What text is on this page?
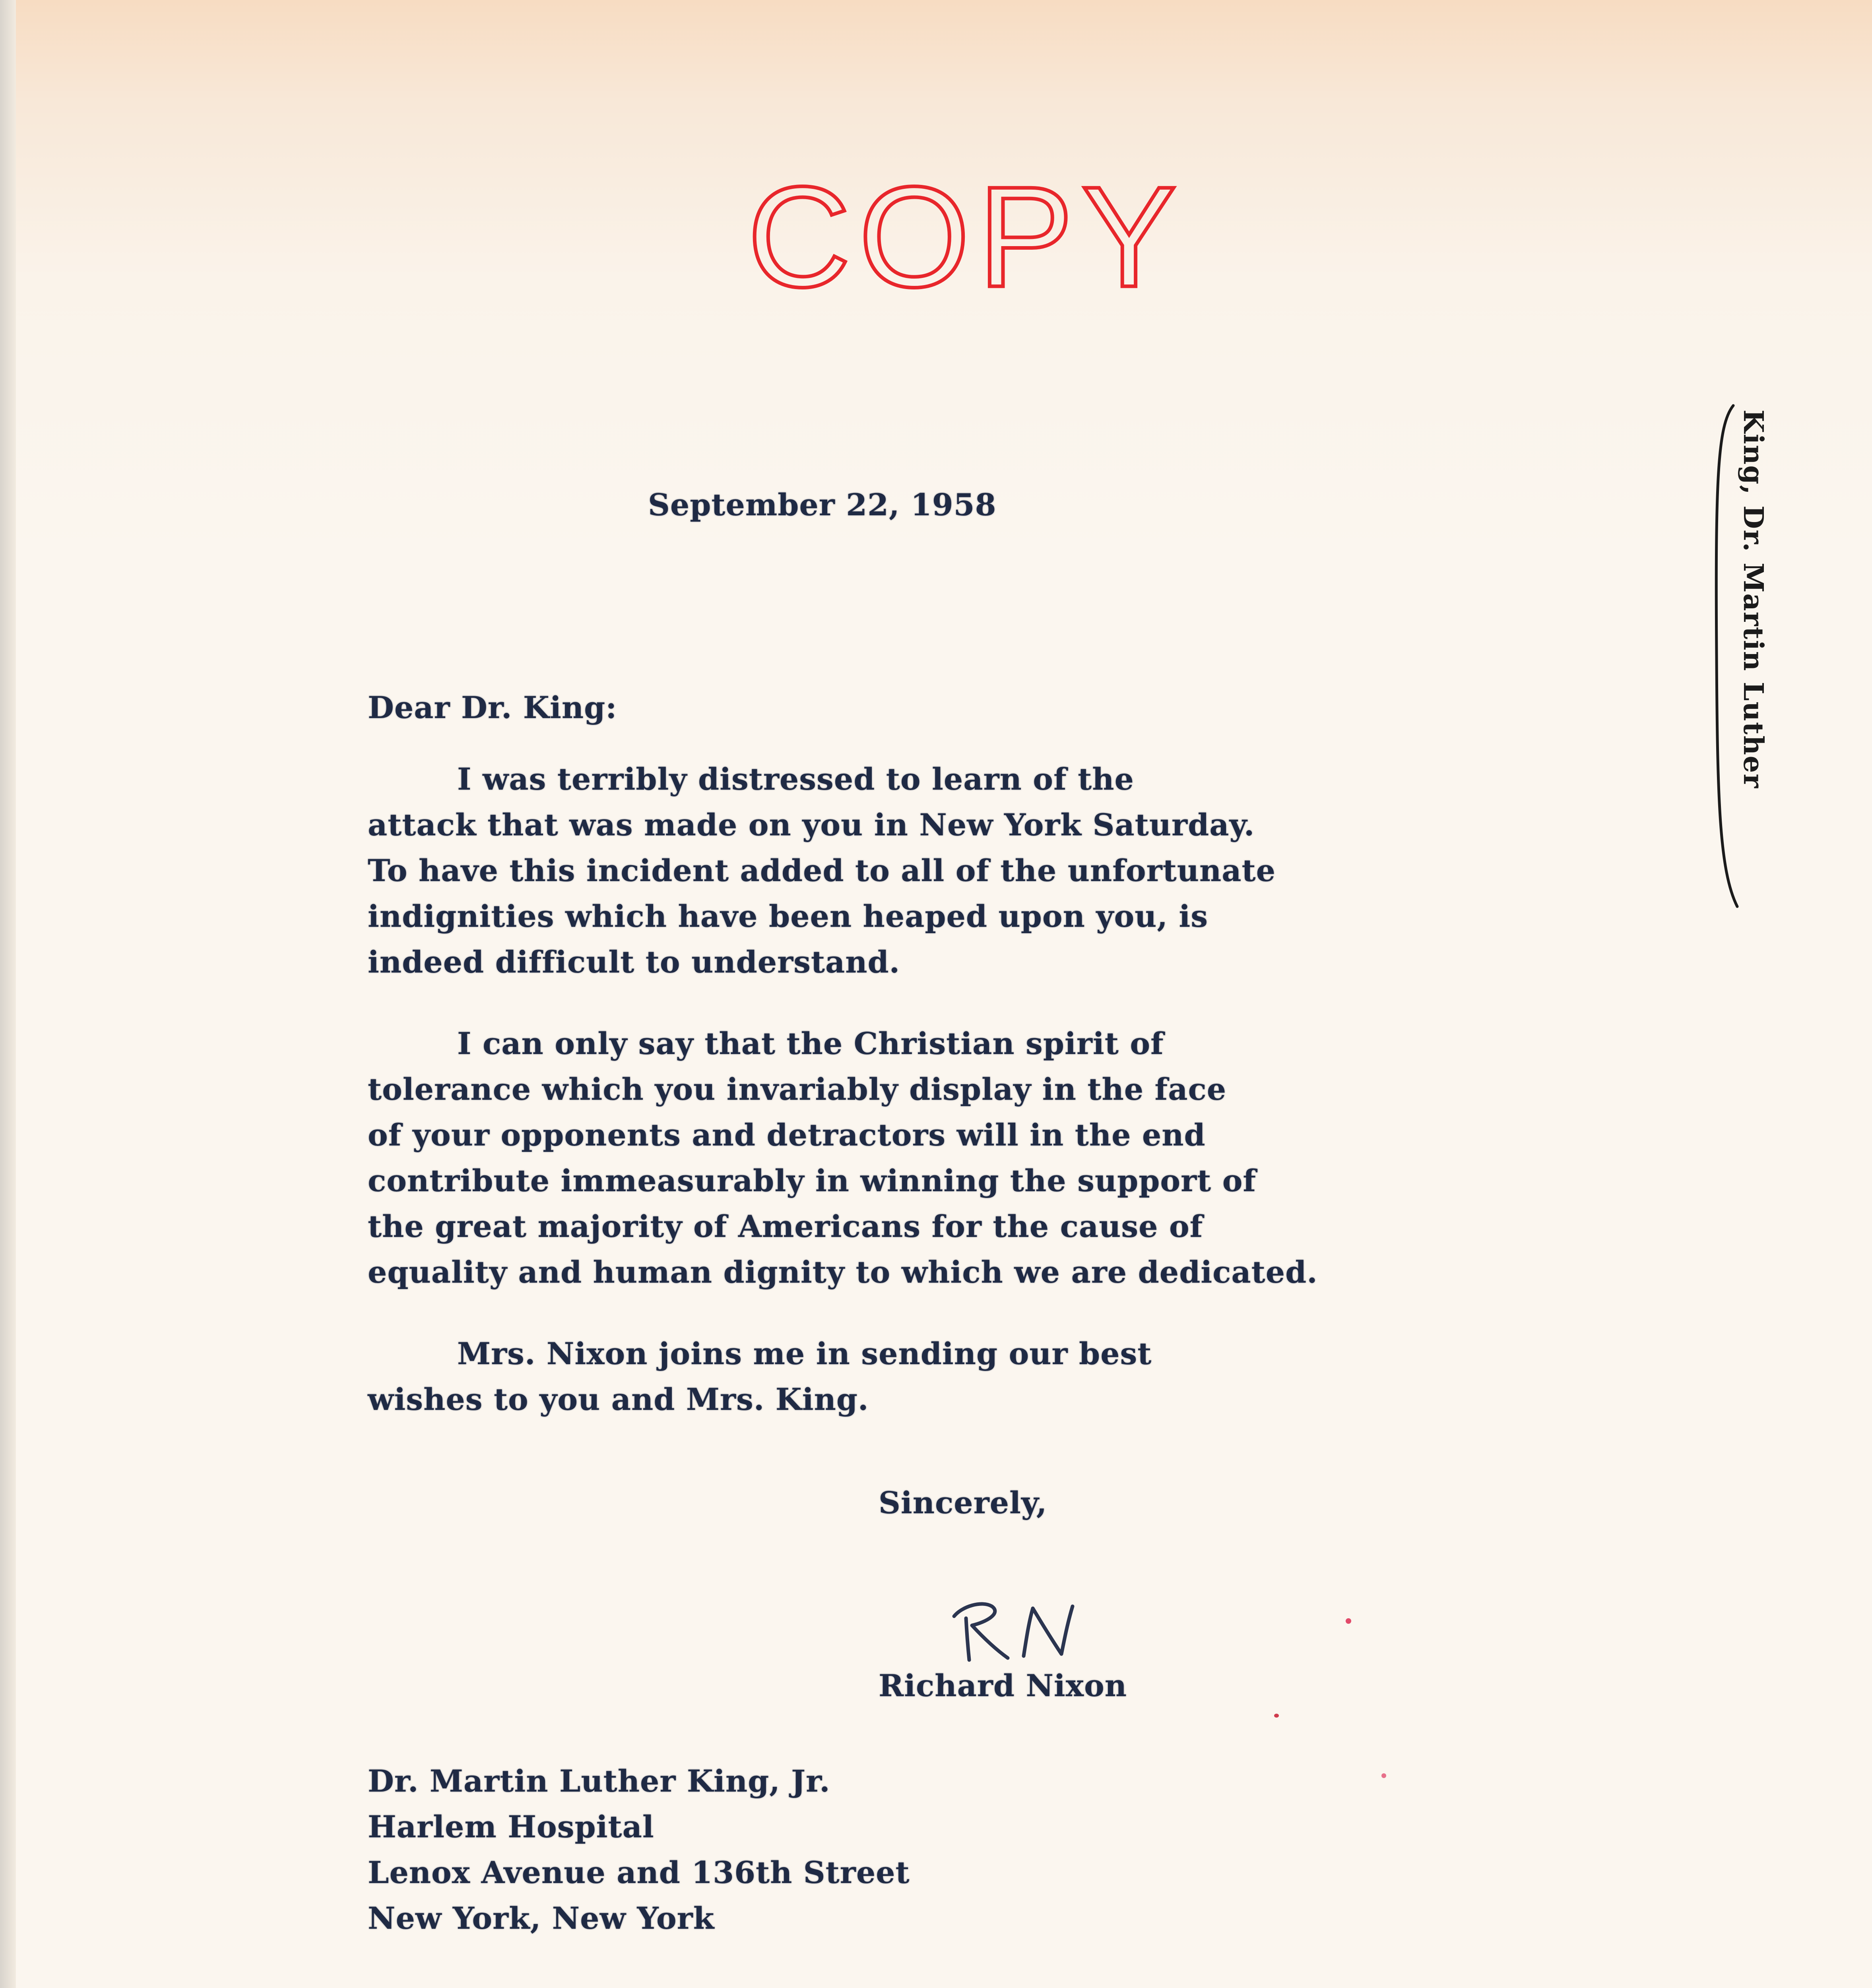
COPY
September 22, 1958
Dear Dr. King:
I was terribly distressed to learn of the
attack that was made on you in New York Saturday.
To have this incident added to all of the unfortunate
indignities which have been heaped upon you, is
indeed difficult to understand.
I can only say that the Christian spirit of
tolerance which you invariably display in the face
of your opponents and detractors will in the end
contribute immeasurably in winning the support of
the great majority of Americans for the cause of
equality and human dignity to which we are dedicated.
Mrs. Nixon joins me in sending our best
wishes to you and Mrs. King.
Sincerely,
Richard Nixon
Dr. Martin Luther King, Jr.
Harlem Hospital
Lenox Avenue and 136th Street
New York, New York
King, Dr. Martin Luther
